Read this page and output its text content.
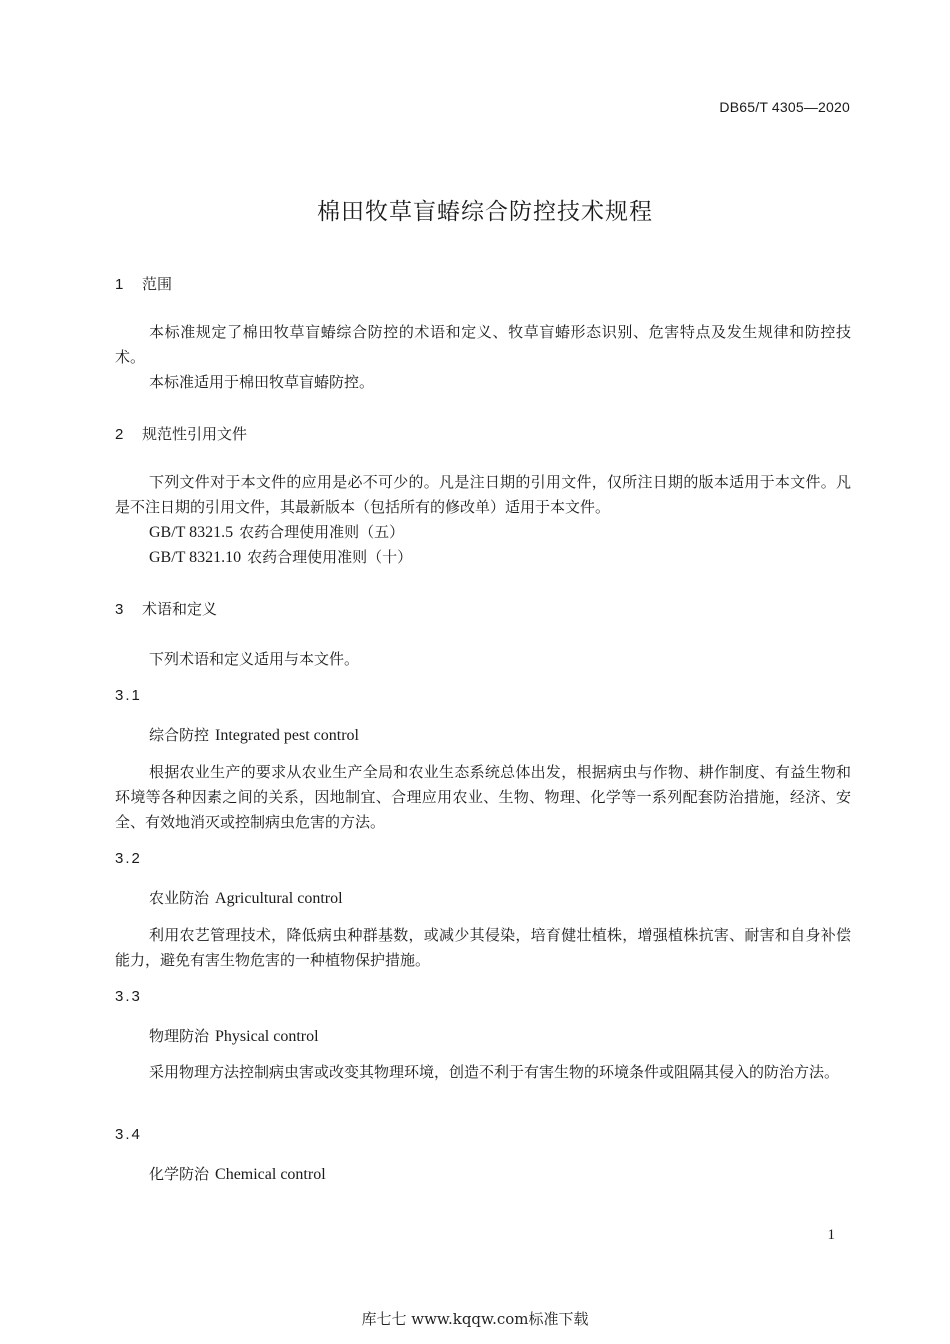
DB65/T 4305—2020
棉田牧草盲蝽综合防控技术规程
1 范围
本标准规定了棉田牧草盲蝽综合防控的术语和定义、牧草盲蝽形态识别、危害特点及发生规律和防控技术。
本标准适用于棉田牧草盲蝽防控。
2 规范性引用文件
下列文件对于本文件的应用是必不可少的。凡是注日期的引用文件，仅所注日期的版本适用于本文件。凡是不注日期的引用文件，其最新版本（包括所有的修改单）适用于本文件。
GB/T 8321.5 农药合理使用准则（五）
GB/T 8321.10 农药合理使用准则（十）
3 术语和定义
下列术语和定义适用与本文件。
3.1
综合防控 Integrated pest control
根据农业生产的要求从农业生产全局和农业生态系统总体出发，根据病虫与作物、耕作制度、有益生物和环境等各种因素之间的关系，因地制宜、合理应用农业、生物、物理、化学等一系列配套防治措施，经济、安全、有效地消灭或控制病虫危害的方法。
3.2
农业防治 Agricultural control
利用农艺管理技术，降低病虫种群基数，或减少其侵染，培育健壮植株，增强植株抗害、耐害和自身补偿能力，避免有害生物危害的一种植物保护措施。
3.3
物理防治 Physical control
采用物理方法控制病虫害或改变其物理环境，创造不利于有害生物的环境条件或阻隔其侵入的防治方法。
3.4
化学防治 Chemical control
1
库七七 www.kqqw.com标准下载
